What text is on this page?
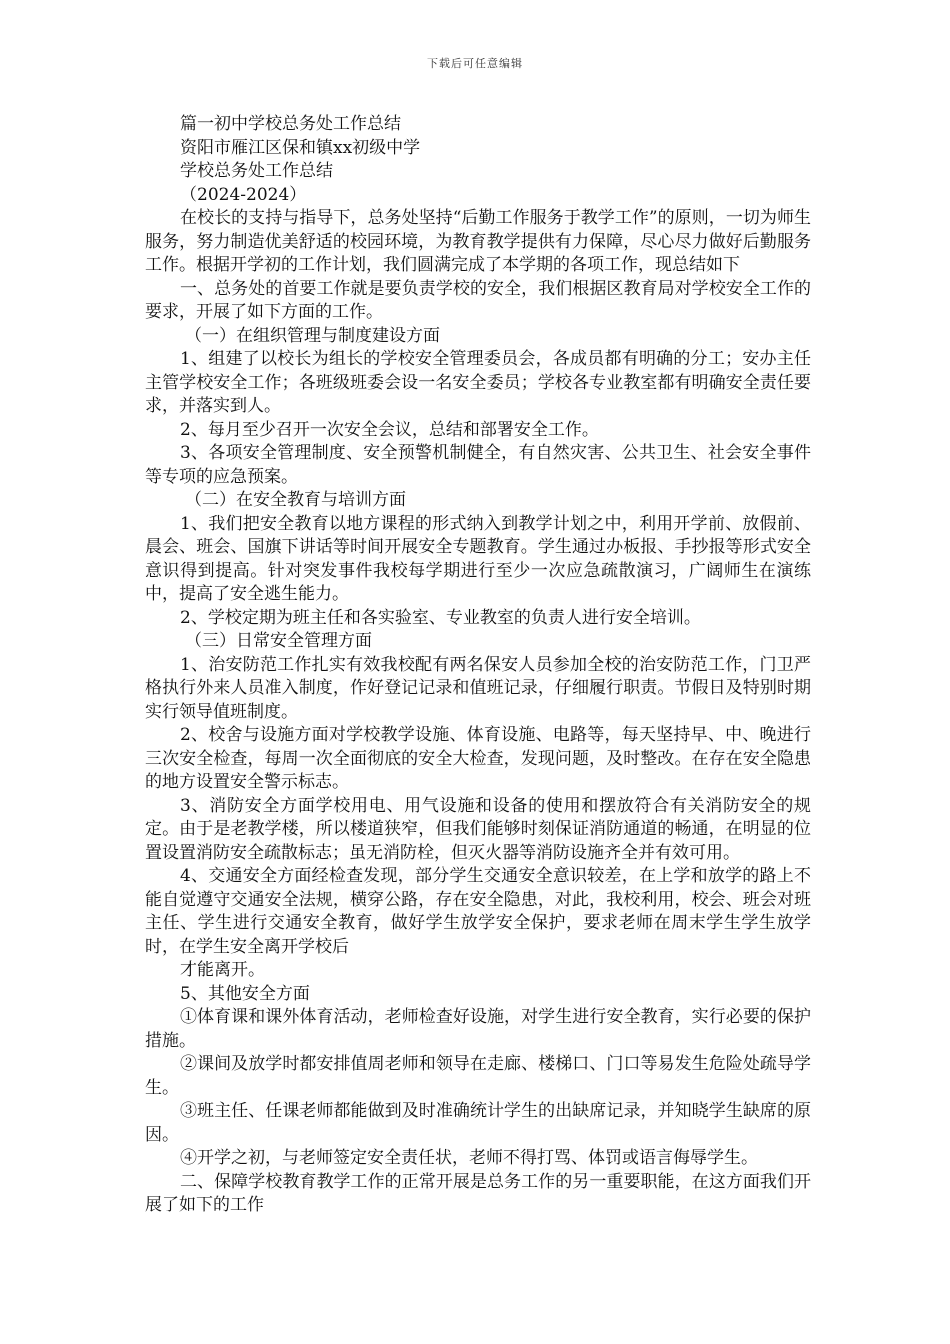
下载后可任意编辑

篇一初中学校总务处工作总结

资阳市雁江区保和镇xx初级中学

学校总务处工作总结

（2024-2024）

在校长的支持与指导下，总务处坚持“后勤工作服务于教学工作”的原则，一切为师生服务，努力制造优美舒适的校园环境，为教育教学提供有力保障，尽心尽力做好后勤服务工作。根据开学初的工作计划，我们圆满完成了本学期的各项工作，现总结如下

一、总务处的首要工作就是要负责学校的安全，我们根据区教育局对学校安全工作的要求，开展了如下方面的工作。

（一）在组织管理与制度建设方面

1、组建了以校长为组长的学校安全管理委员会，各成员都有明确的分工；安办主任主管学校安全工作；各班级班委会设一名安全委员；学校各专业教室都有明确安全责任要求，并落实到人。

2、每月至少召开一次安全会议，总结和部署安全工作。

3、各项安全管理制度、安全预警机制健全，有自然灾害、公共卫生、社会安全事件等专项的应急预案。

（二）在安全教育与培训方面

1、我们把安全教育以地方课程的形式纳入到教学计划之中，利用开学前、放假前、晨会、班会、国旗下讲话等时间开展安全专题教育。学生通过办板报、手抄报等形式安全意识得到提高。针对突发事件我校每学期进行至少一次应急疏散演习，广阔师生在演练中，提高了安全逃生能力。

2、学校定期为班主任和各实验室、专业教室的负责人进行安全培训。

（三）日常安全管理方面

1、治安防范工作扎实有效我校配有两名保安人员参加全校的治安防范工作，门卫严格执行外来人员准入制度，作好登记记录和值班记录，仔细履行职责。节假日及特别时期实行领导值班制度。

2、校舍与设施方面对学校教学设施、体育设施、电路等，每天坚持早、中、晚进行三次安全检查，每周一次全面彻底的安全大检查，发现问题，及时整改。在存在安全隐患的地方设置安全警示标志。

3、消防安全方面学校用电、用气设施和设备的使用和摆放符合有关消防安全的规定。由于是老教学楼，所以楼道狭窄，但我们能够时刻保证消防通道的畅通，在明显的位置设置消防安全疏散标志；虽无消防栓，但灭火器等消防设施齐全并有效可用。

4、交通安全方面经检查发现，部分学生交通安全意识较差，在上学和放学的路上不能自觉遵守交通安全法规，横穿公路，存在安全隐患，对此，我校利用，校会、班会对班主任、学生进行交通安全教育，做好学生放学安全保护，要求老师在周末学生学生放学时，在学生安全离开学校后

才能离开。

5、其他安全方面

①体育课和课外体育活动，老师检查好设施，对学生进行安全教育，实行必要的保护措施。

②课间及放学时都安排值周老师和领导在走廊、楼梯口、门口等易发生危险处疏导学生。

③班主任、任课老师都能做到及时准确统计学生的出缺席记录，并知晓学生缺席的原因。

④开学之初，与老师签定安全责任状，老师不得打骂、体罚或语言侮辱学生。

二、保障学校教育教学工作的正常开展是总务工作的另一重要职能，在这方面我们开展了如下的工作
